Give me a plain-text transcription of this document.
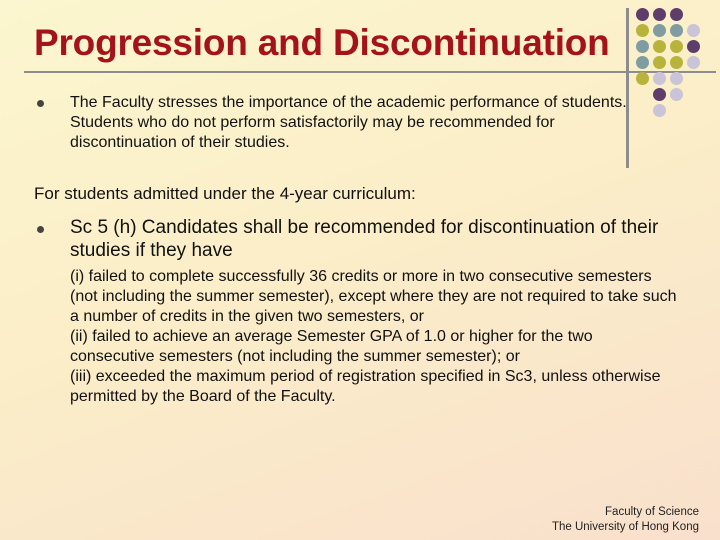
Progression and Discontinuation
The Faculty stresses the importance of the academic performance of students. Students who do not perform satisfactorily may be recommended for discontinuation of their studies.
For students admitted under the 4-year curriculum:
Sc 5 (h) Candidates shall be recommended for discontinuation of their studies if they have
(i) failed to complete successfully 36 credits or more in two consecutive semesters (not including the summer semester), except where they are not required to take such a number of credits in the given two semesters, or
(ii) failed to achieve an average Semester GPA of 1.0 or higher for the two consecutive semesters (not including the summer semester); or
(iii) exceeded the maximum period of registration specified in Sc3, unless otherwise permitted by the Board of the Faculty.
Faculty of Science
The University of Hong Kong
